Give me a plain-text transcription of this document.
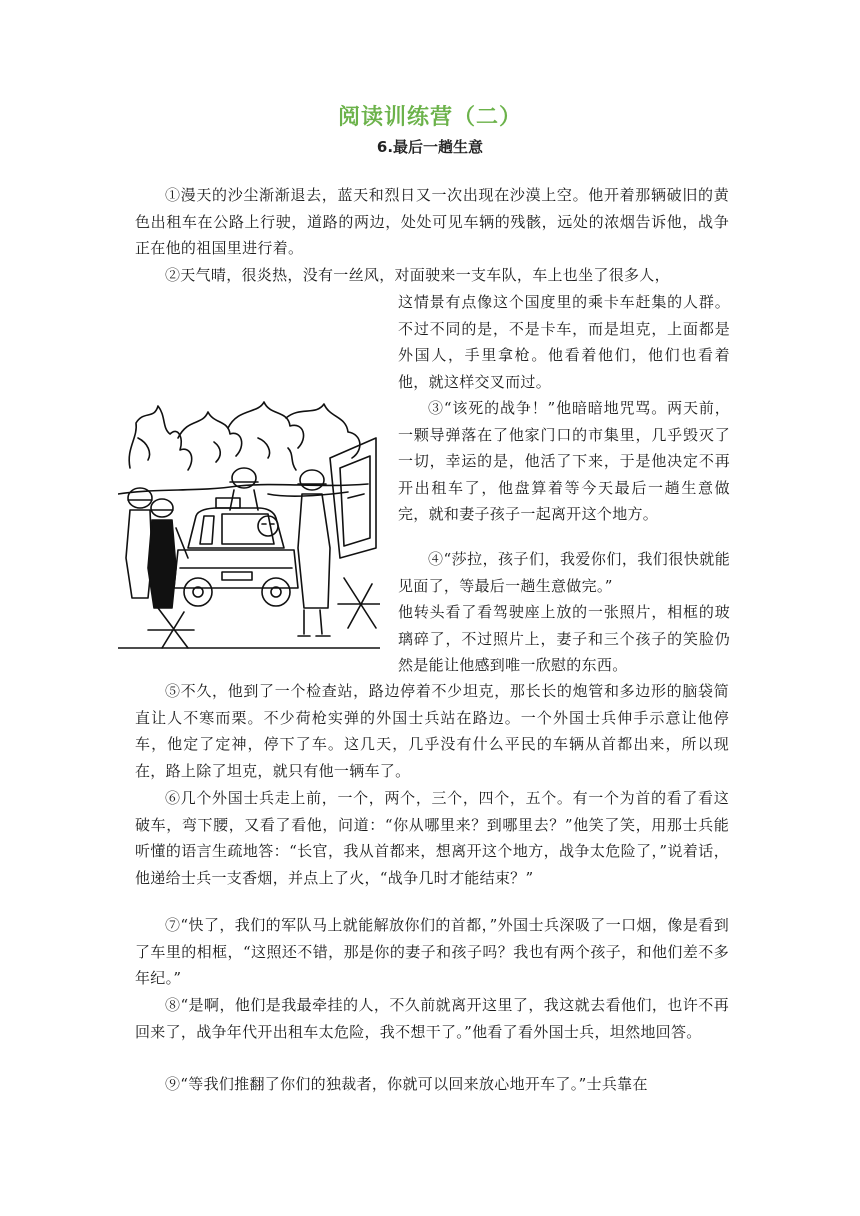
阅读训练营（二）
6.最后一趟生意

①漫天的沙尘渐渐退去，蓝天和烈日又一次出现在沙漠上空。他开着那辆破旧的黄色出租车在公路上行驶，道路的两边，处处可见车辆的残骸，远处的浓烟告诉他，战争正在他的祖国里进行着。

②天气晴，很炎热，没有一丝风，对面驶来一支车队，车上也坐了很多人，

这情景有点像这个国度里的乘卡车赶集的人群。不过不同的是，不是卡车，而是坦克，上面都是外国人，手里拿枪。他看着他们，他们也看着他，就这样交叉而过。

③“该死的战争！”他暗暗地咒骂。两天前，一颗导弹落在了他家门口的市集里，几乎毁灭了一切，幸运的是，他活了下来，于是他决定不再开出租车了，他盘算着等今天最后一趟生意做完，就和妻子孩子一起离开这个地方。

④“莎拉，孩子们，我爱你们，我们很快就能见面了，等最后一趟生意做完。”

他转头看了看驾驶座上放的一张照片，相框的玻璃碎了，不过照片上，妻子和三个孩子的笑脸仍然是能让他感到唯一欣慰的东西。

⑤不久，他到了一个检查站，路边停着不少坦克，那长长的炮管和多边形的脑袋简直让人不寒而栗。不少荷枪实弹的外国士兵站在路边。一个外国士兵伸手示意让他停车，他定了定神，停下了车。这几天，几乎没有什么平民的车辆从首都出来，所以现在，路上除了坦克，就只有他一辆车了。

⑥几个外国士兵走上前，一个，两个，三个，四个，五个。有一个为首的看了看这破车，弯下腰，又看了看他，问道：“你从哪里来？到哪里去？”他笑了笑，用那士兵能听懂的语言生疏地答：“长官，我从首都来，想离开这个地方，战争太危险了，”说着话，他递给士兵一支香烟，并点上了火，“战争几时才能结束？”

⑦“快了，我们的军队马上就能解放你们的首都，”外国士兵深吸了一口烟，像是看到了车里的相框，“这照还不错，那是你的妻子和孩子吗？我也有两个孩子，和他们差不多年纪。”

⑧“是啊，他们是我最牵挂的人，不久前就离开这里了，我这就去看他们，也许不再回来了，战争年代开出租车太危险，我不想干了。”他看了看外国士兵，坦然地回答。

⑨“等我们推翻了你们的独裁者，你就可以回来放心地开车了。”士兵靠在
